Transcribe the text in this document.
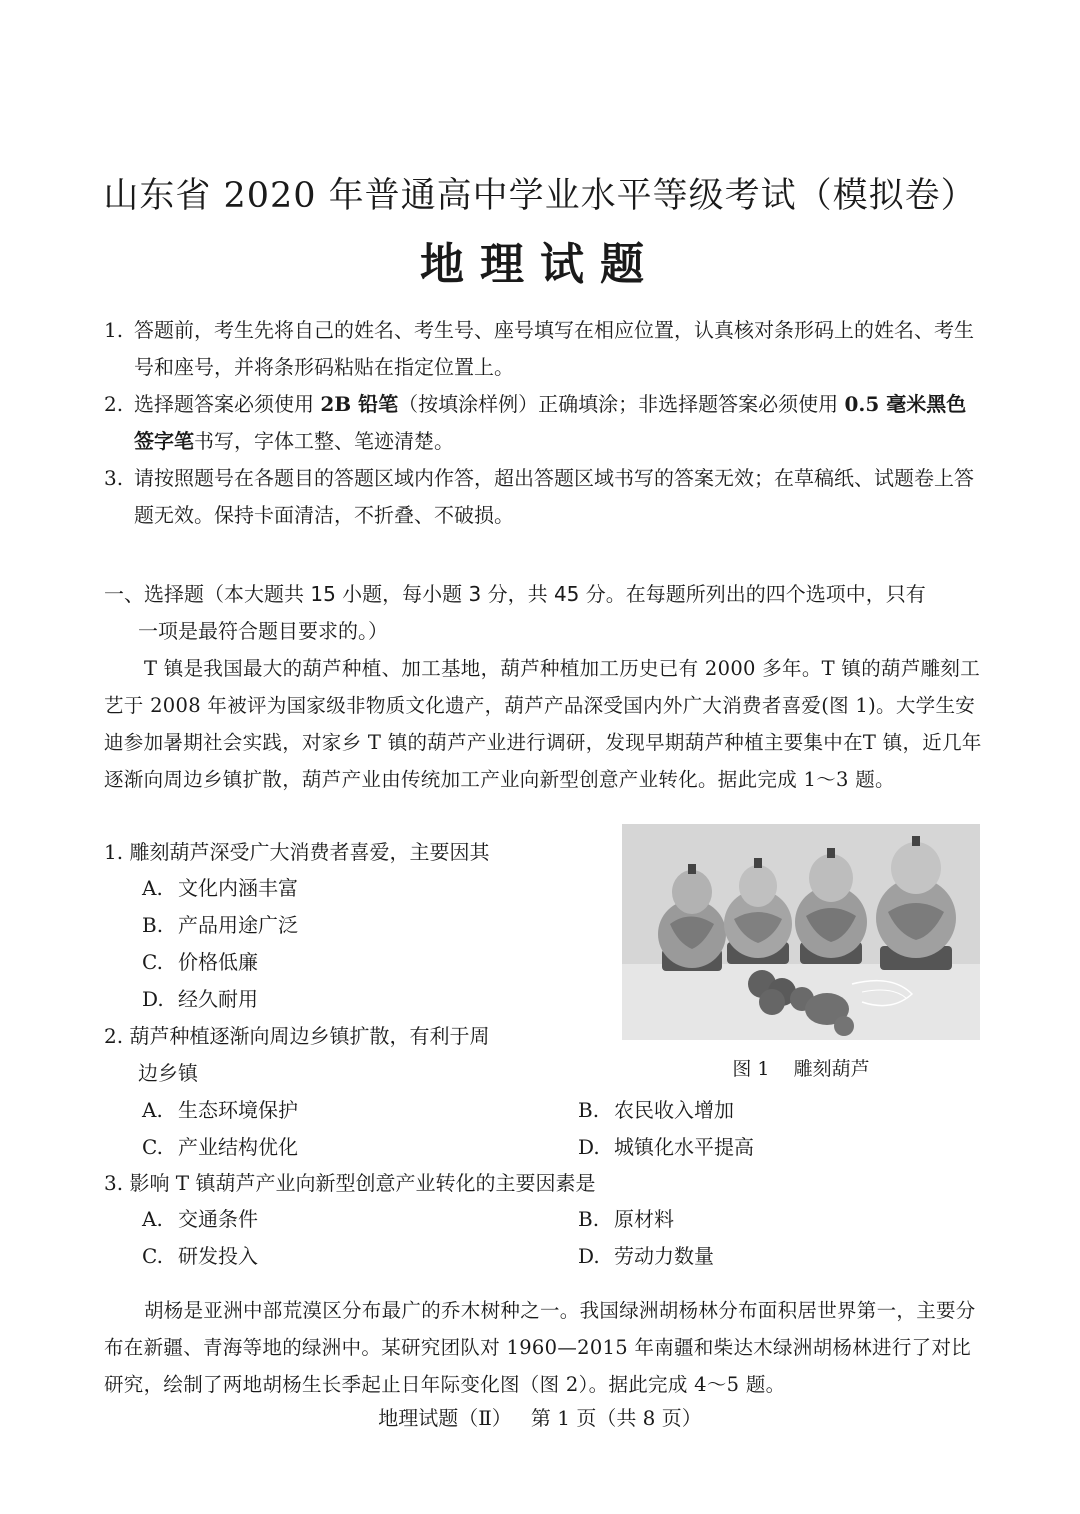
山东省 2020 年普通高中学业水平等级考试（模拟卷）
地理试题
1. 答题前，考生先将自己的姓名、考生号、座号填写在相应位置，认真核对条形码上的姓名、考生号和座号，并将条形码粘贴在指定位置上。
2. 选择题答案必须使用 2B 铅笔（按填涂样例）正确填涂；非选择题答案必须使用 0.5 毫米黑色签字笔书写，字体工整、笔迹清楚。
3. 请按照题号在各题目的答题区域内作答，超出答题区域书写的答案无效；在草稿纸、试题卷上答题无效。保持卡面清洁，不折叠、不破损。
一、选择题（本大题共 15 小题，每小题 3 分，共 45 分。在每题所列出的四个选项中，只有
一项是最符合题目要求的。）
T 镇是我国最大的葫芦种植、加工基地，葫芦种植加工历史已有 2000 多年。T 镇的葫芦雕刻工艺于 2008 年被评为国家级非物质文化遗产，葫芦产品深受国内外广大消费者喜爱(图 1)。大学生安迪参加暑期社会实践，对家乡 T 镇的葫芦产业进行调研，发现早期葫芦种植主要集中在T 镇，近几年逐渐向周边乡镇扩散，葫芦产业由传统加工产业向新型创意产业转化。据此完成 1～3 题。
1. 雕刻葫芦深受广大消费者喜爱，主要因其
A. 文化内涵丰富
B. 产品用途广泛
C. 价格低廉
D. 经久耐用
图 1    雕刻葫芦
2. 葫芦种植逐渐向周边乡镇扩散，有利于周
边乡镇
A. 生态环境保护	B. 农民收入增加
C. 产业结构优化	D. 城镇化水平提高
3. 影响 T 镇葫芦产业向新型创意产业转化的主要因素是
A. 交通条件	B. 原材料
C. 研发投入	D. 劳动力数量
胡杨是亚洲中部荒漠区分布最广的乔木树种之一。我国绿洲胡杨林分布面积居世界第一，主要分布在新疆、青海等地的绿洲中。某研究团队对 1960—2015 年南疆和柴达木绿洲胡杨林进行了对比研究，绘制了两地胡杨生长季起止日年际变化图（图 2）。据此完成 4～5 题。
地理试题（Ⅱ）   第 1 页（共 8 页）
